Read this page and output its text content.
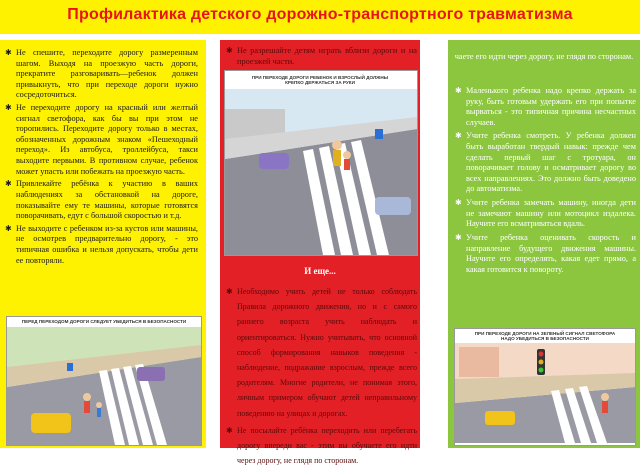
Профилактика детского дорожно-транспортного травматизма
✱ Не спешите, переходите дорогу размеренным шагом. Выходя на проезжую часть дороги, прекратите разговаривать—ребенок должен привыкнуть, что при переходе дороги нужно сосредоточиться.
✱ Не переходите дорогу на красный или желтый сигнал светофора, как бы вы при этом не торопились. Переходите дорогу только в местах, обозначенных дорожным знаком «Пешеходный переход». Из автобуса, троллейбуса, такси выходите первыми. В противном случае, ребенок может упасть или побежать на проезжую часть.
✱ Привлекайте ребёнка к участию в ваших наблюдениях за обстановкой на дороге, показывайте ему те машины, которые готовятся поворачивать, едут с большой скоростью и т.д.
✱ Не выходите с ребенком из-за кустов или машины, не осмотрев предварительно дорогу, - это типичная ошибка и нельзя допускать, чтобы дети ее повторяли.
ПЕРЕД ПЕРЕХОДОМ ДОРОГИ СЛЕДУЕТ УБЕДИТЬСЯ В БЕЗОПАСНОСТИ
✱ Не разрешайте детям играть вблизи дороги и на проезжей части.
ПРИ ПЕРЕХОДЕ ДОРОГИ РЕБЕНОК И ВЗРОСЛЫЙ ДОЛЖНЫ КРЕПКО ДЕРЖАТЬСЯ ЗА РУКИ
И еще...
✱ Необходимо учить детей не только соблюдать Правила дорожного движения, но и с самого раннего возраста учить наблюдать и ориентироваться. Нужно учитывать, что основной способ формирования навыков поведения - наблюдение, подражание взрослым, прежде всего родителям. Многие родители, не понимая этого, личным примером обучают детей неправильному поведению на улицах и дорогах.
✱ Не посылайте ребёнка переходить или перебегать дорогу впереди вас - этим вы обучаете его идти через дорогу, не глядя по сторонам.
чаете его идти через дорогу, не глядя по сторонам.
✱ Маленького ребенка надо крепко держать за руку, быть готовым удержать его при попытке вырваться - это типичная причина несчастных случаев.
✱ Учите ребенка смотреть. У ребенка должен быть выработан твердый навык: прежде чем сделать первый шаг с тротуара, он поворачивает голову и осматривает дорогу во всех направлениях. Это должно быть доведено до автоматизма.
✱ Учите ребенка замечать машину, иногда дети не замечают машину или мотоцикл издалека. Научите его всматриваться вдаль.
✱ Учите ребенка оценивать скорость и направление будущего движения машины. Научите его определять, какая едет прямо, а какая готовится к повороту.
ПРИ ПЕРЕХОДЕ ДОРОГИ НА ЗЕЛЕНЫЙ СИГНАЛ СВЕТОФОРА НАДО УБЕДИТЬСЯ В БЕЗОПАСНОСТИ
